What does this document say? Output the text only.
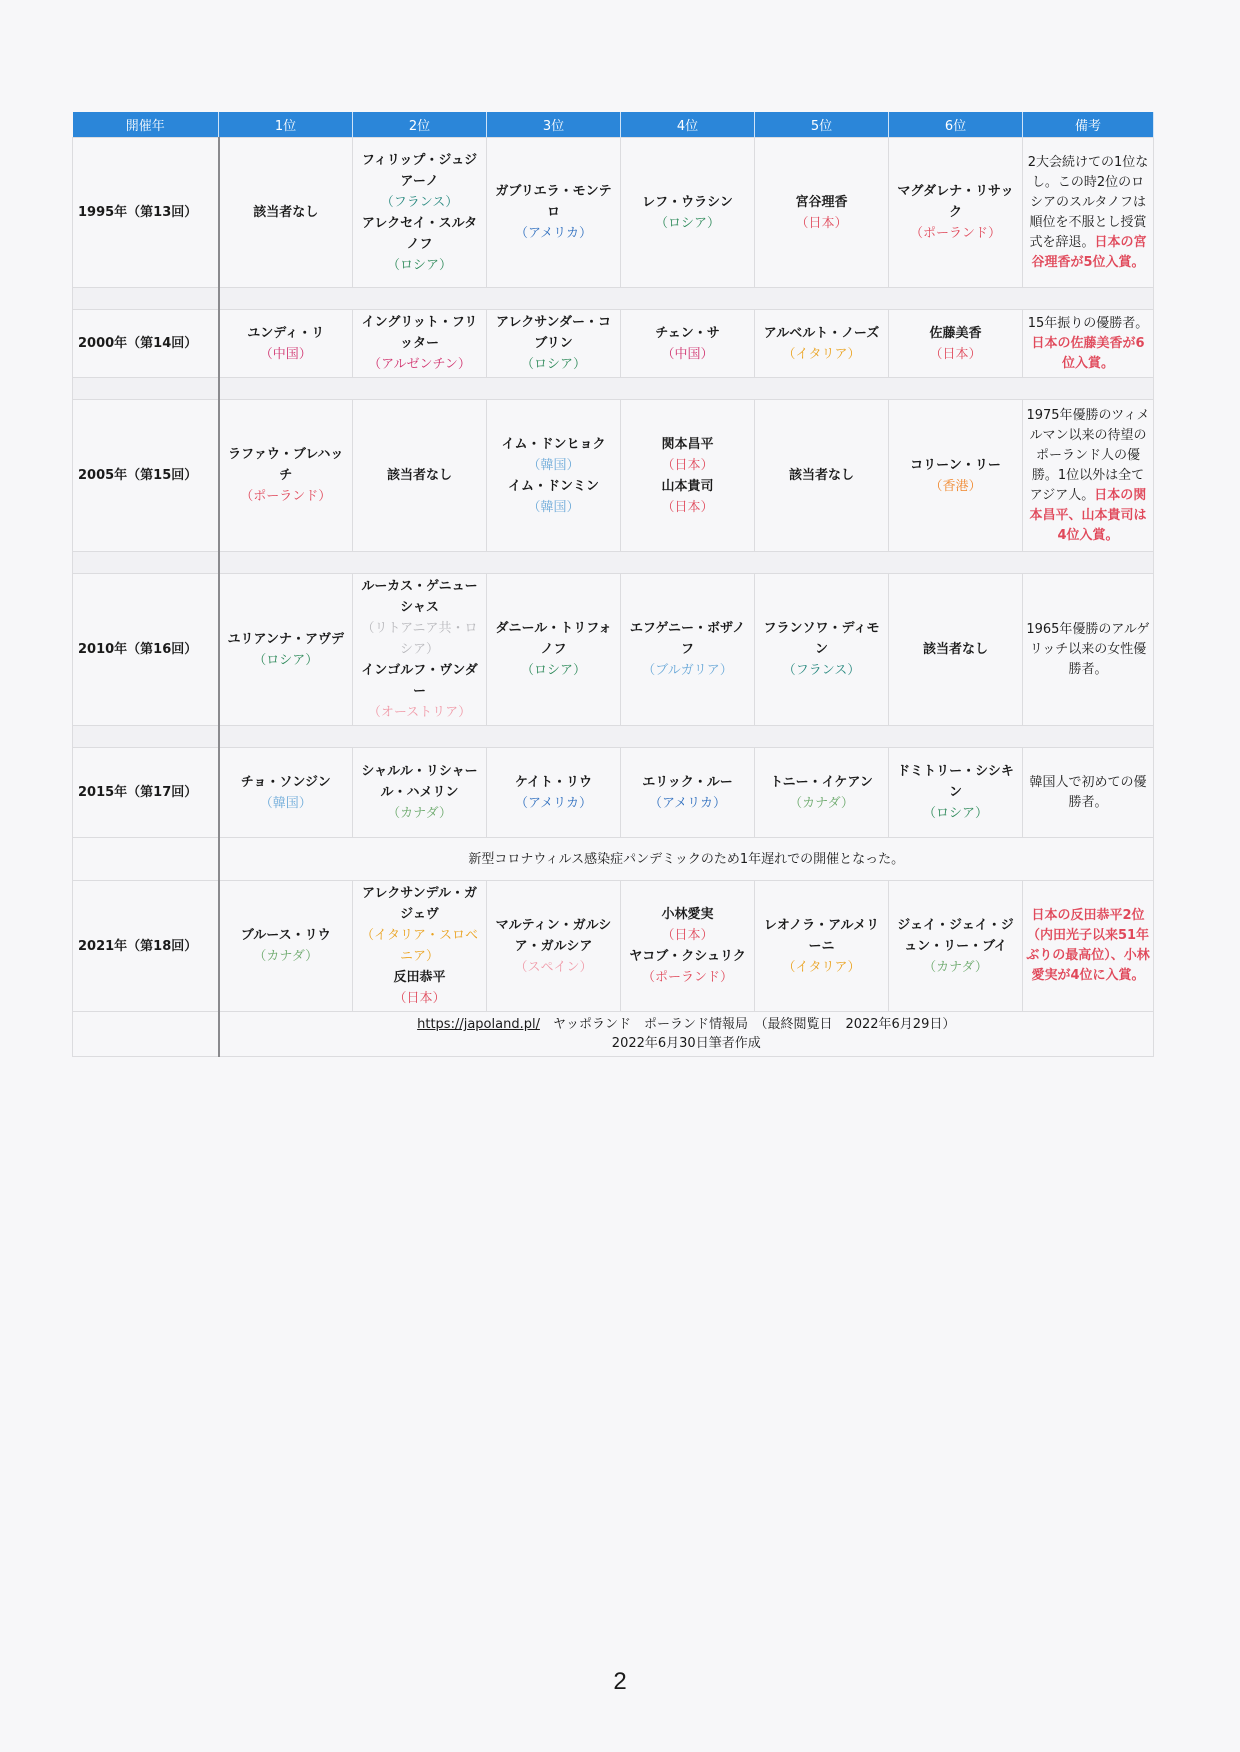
開催年	1位	2位	3位	4位	5位	6位	備考
1995年（第13回）	該当者なし	フィリップ・ジュジアーノ
（フランス）
アレクセイ・スルタノフ
（ロシア）	ガブリエラ・モンテロ
（アメリカ）	レフ・ウラシン
（ロシア）	宮谷理香
（日本）	マグダレナ・リサック
（ポーランド）	2大会続けての1位なし。この時2位のロシアのスルタノフは順位を不服とし授賞式を辞退。日本の宮谷理香が5位入賞。

2000年（第14回）	ユンディ・リ
（中国）	イングリット・フリッター
（アルゼンチン）	アレクサンダー・コブリン
（ロシア）	チェン・サ
（中国）	アルベルト・ノーズ
（イタリア）	佐藤美香
（日本）	15年振りの優勝者。日本の佐藤美香が6位入賞。

2005年（第15回）	ラファウ・ブレハッチ
（ポーランド）	該当者なし	イム・ドンヒョク
（韓国）
イム・ドンミン
（韓国）	関本昌平
（日本）
山本貴司
（日本）	該当者なし	コリーン・リー
（香港）	1975年優勝のツィメルマン以来の待望のポーランド人の優勝。1位以外は全てアジア人。日本の関本昌平、山本貴司は4位入賞。

2010年（第16回）	ユリアンナ・アヴデ
（ロシア）	ルーカス・ゲニューシャス
（リトアニア共・ロシア）
インゴルフ・ヴンダー
（オーストリア）	ダニール・トリフォノフ
（ロシア）	エフゲニー・ボザノフ
（ブルガリア）	フランソワ・ディモン
（フランス）	該当者なし	1965年優勝のアルゲリッチ以来の女性優勝者。

2015年（第17回）	チョ・ソンジン
（韓国）	シャルル・リシャール・ハメリン
（カナダ）	ケイト・リウ
（アメリカ）	エリック・ルー
（アメリカ）	トニー・イケアン
（カナダ）	ドミトリー・シシキン
（ロシア）	韓国人で初めての優勝者。
	新型コロナウィルス感染症パンデミックのため1年遅れでの開催となった。						
2021年（第18回）	ブルース・リウ
（カナダ）	アレクサンデル・ガジェヴ
（イタリア・スロベニア）
反田恭平
（日本）	マルティン・ガルシア・ガルシア
（スペイン）	小林愛実
（日本）
ヤコブ・クシュリク
（ポーランド）	レオノラ・アルメリーニ
（イタリア）	ジェイ・ジェイ・ジュン・リー・ブイ
（カナダ）	日本の反田恭平2位（内田光子以来51年ぶりの最高位）、小林愛実が4位に入賞。
	https://japoland.pl/　ヤッポランド　ポーランド情報局　（最終閲覧日　2022年6月29日）
2022年6月30日筆者作成						
2
